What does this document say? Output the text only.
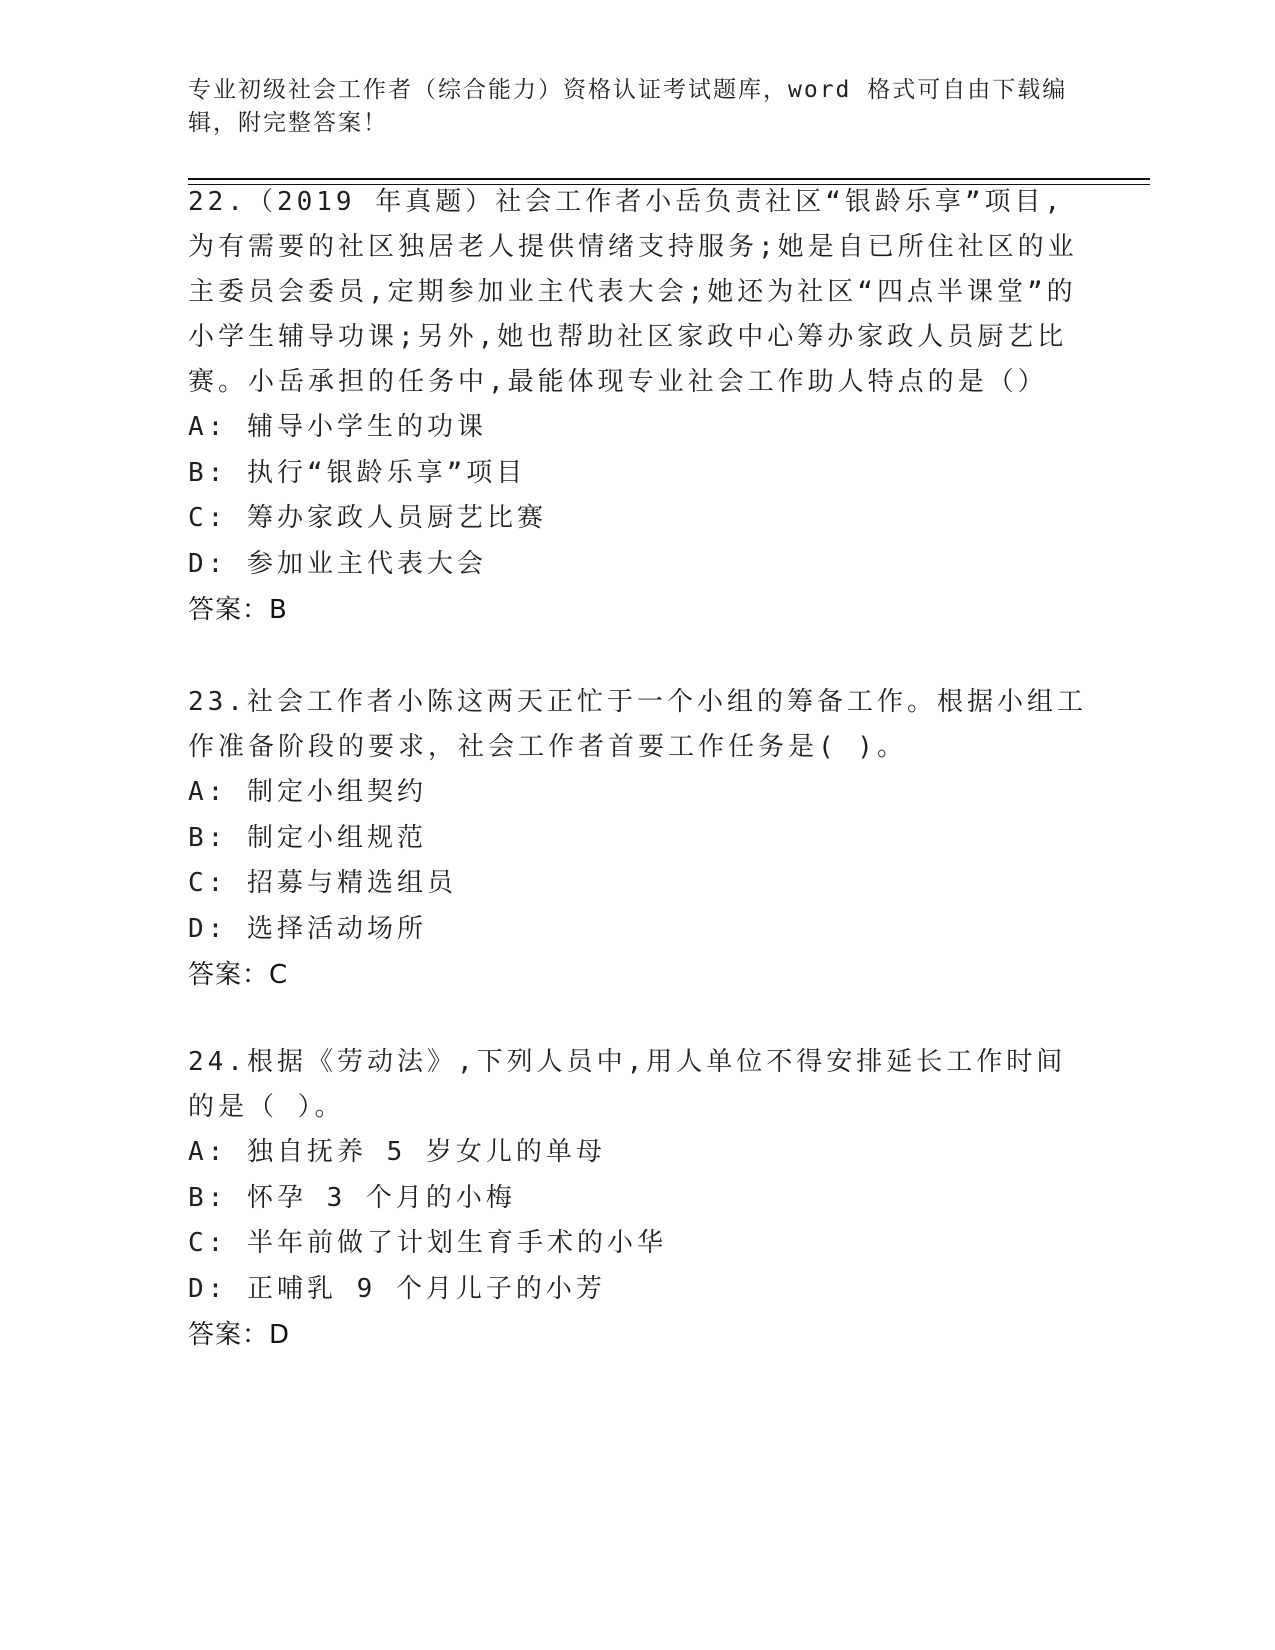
专业初级社会工作者（综合能力）资格认证考试题库，word 格式可自由下载编辑，附完整答案！
22.（2019 年真题）社会工作者小岳负责社区“银龄乐享”项目,为有需要的社区独居老人提供情绪支持服务;她是自已所住社区的业主委员会委员,定期参加业主代表大会;她还为社区“四点半课堂”的小学生辅导功课;另外,她也帮助社区家政中心筹办家政人员厨艺比赛。小岳承担的任务中,最能体现专业社会工作助人特点的是（）
A: 辅导小学生的功课
B: 执行“银龄乐享”项目
C: 筹办家政人员厨艺比赛
D: 参加业主代表大会
答案：B
23.社会工作者小陈这两天正忙于一个小组的筹备工作。根据小组工作准备阶段的要求，社会工作者首要工作任务是( )。
A: 制定小组契约
B: 制定小组规范
C: 招募与精选组员
D: 选择活动场所
答案：C
24.根据《劳动法》,下列人员中,用人单位不得安排延长工作时间的是（ ）。
A: 独自抚养 5 岁女儿的单母
B: 怀孕 3 个月的小梅
C: 半年前做了计划生育手术的小华
D: 正哺乳 9 个月儿子的小芳
答案：D
